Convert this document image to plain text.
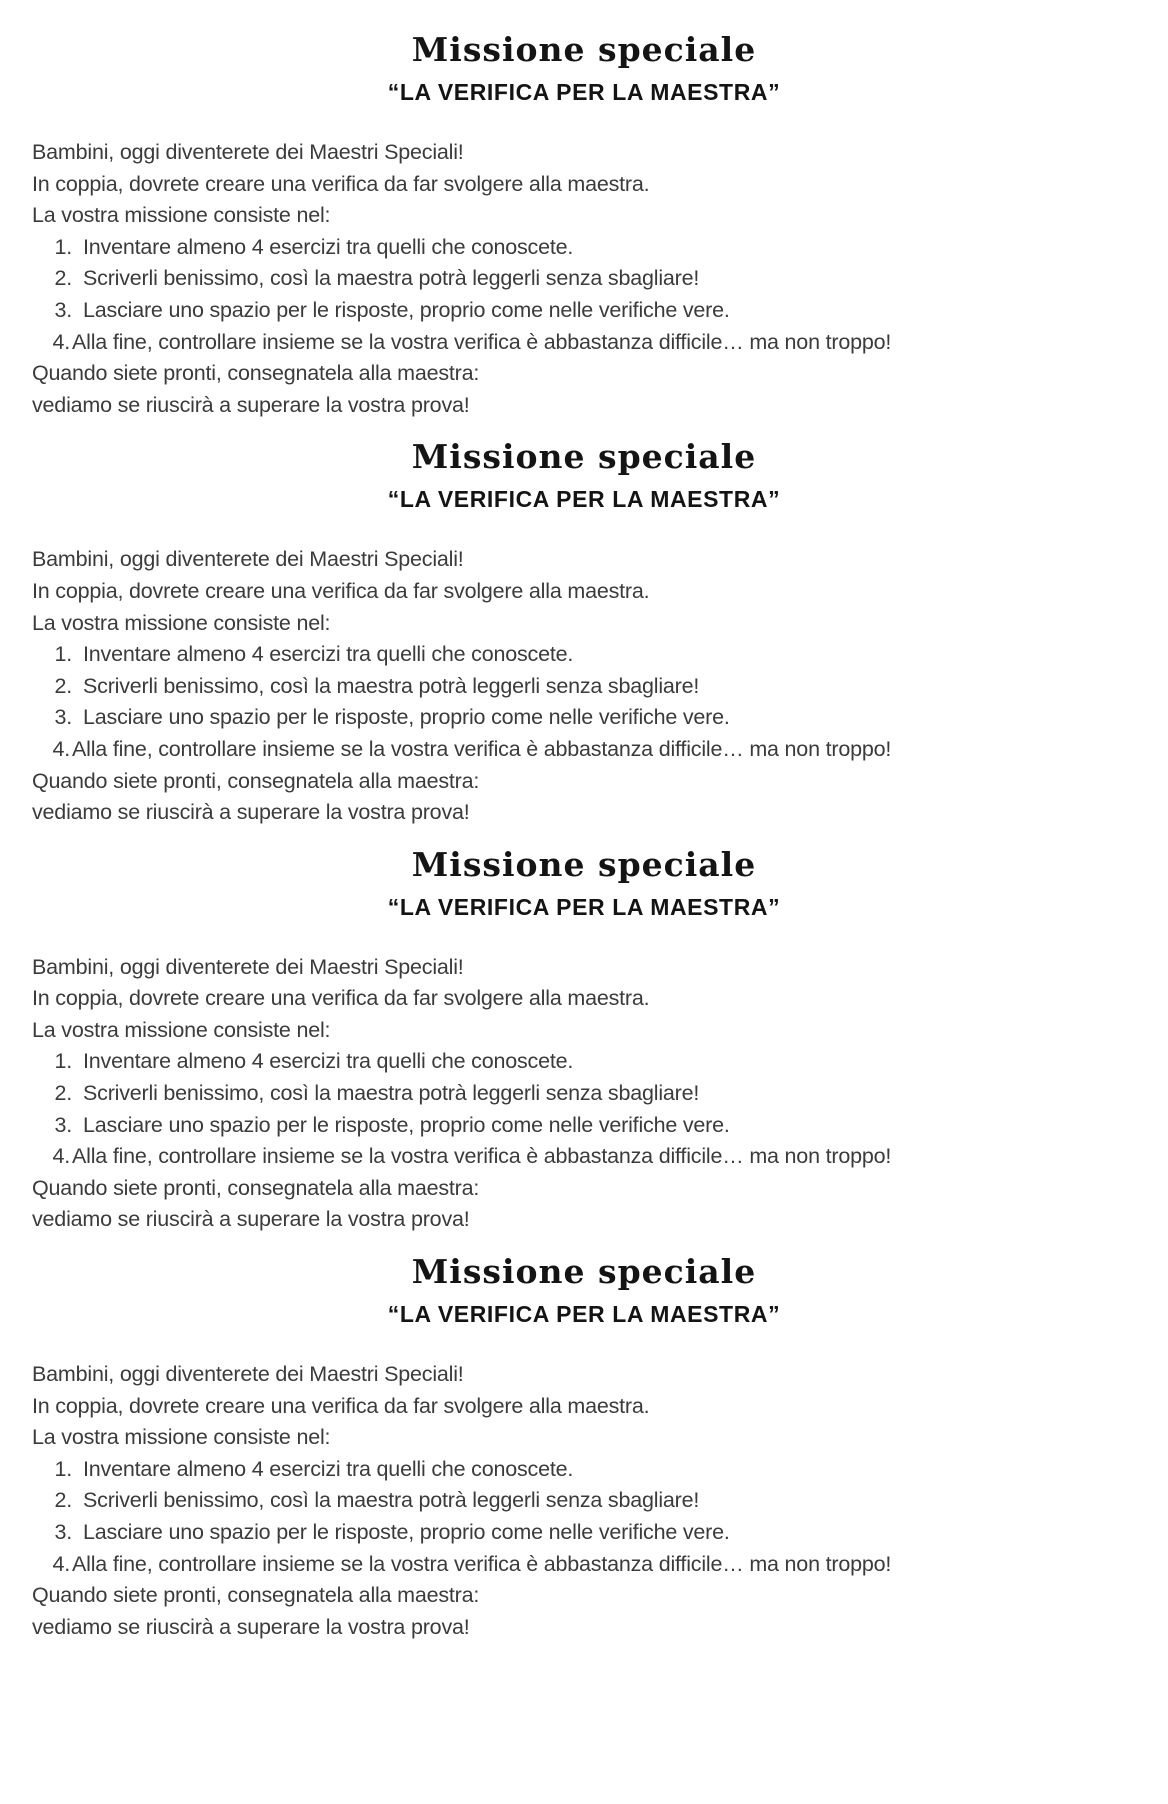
Missione speciale
“LA VERIFICA PER LA MAESTRA”
Bambini, oggi diventerete dei Maestri Speciali!
In coppia, dovrete creare una verifica da far svolgere alla maestra.
La vostra missione consiste nel:
1. Inventare almeno 4 esercizi tra quelli che conoscete.
2. Scriverli benissimo, così la maestra potrà leggerli senza sbagliare!
3. Lasciare uno spazio per le risposte, proprio come nelle verifiche vere.
4. Alla fine, controllare insieme se la vostra verifica è abbastanza difficile… ma non troppo!
Quando siete pronti, consegnatela alla maestra:
vediamo se riuscirà a superare la vostra prova!
Missione speciale
“LA VERIFICA PER LA MAESTRA”
Bambini, oggi diventerete dei Maestri Speciali!
In coppia, dovrete creare una verifica da far svolgere alla maestra.
La vostra missione consiste nel:
1. Inventare almeno 4 esercizi tra quelli che conoscete.
2. Scriverli benissimo, così la maestra potrà leggerli senza sbagliare!
3. Lasciare uno spazio per le risposte, proprio come nelle verifiche vere.
4. Alla fine, controllare insieme se la vostra verifica è abbastanza difficile… ma non troppo!
Quando siete pronti, consegnatela alla maestra:
vediamo se riuscirà a superare la vostra prova!
Missione speciale
“LA VERIFICA PER LA MAESTRA”
Bambini, oggi diventerete dei Maestri Speciali!
In coppia, dovrete creare una verifica da far svolgere alla maestra.
La vostra missione consiste nel:
1. Inventare almeno 4 esercizi tra quelli che conoscete.
2. Scriverli benissimo, così la maestra potrà leggerli senza sbagliare!
3. Lasciare uno spazio per le risposte, proprio come nelle verifiche vere.
4. Alla fine, controllare insieme se la vostra verifica è abbastanza difficile… ma non troppo!
Quando siete pronti, consegnatela alla maestra:
vediamo se riuscirà a superare la vostra prova!
Missione speciale
“LA VERIFICA PER LA MAESTRA”
Bambini, oggi diventerete dei Maestri Speciali!
In coppia, dovrete creare una verifica da far svolgere alla maestra.
La vostra missione consiste nel:
1. Inventare almeno 4 esercizi tra quelli che conoscete.
2. Scriverli benissimo, così la maestra potrà leggerli senza sbagliare!
3. Lasciare uno spazio per le risposte, proprio come nelle verifiche vere.
4. Alla fine, controllare insieme se la vostra verifica è abbastanza difficile… ma non troppo!
Quando siete pronti, consegnatela alla maestra:
vediamo se riuscirà a superare la vostra prova!
